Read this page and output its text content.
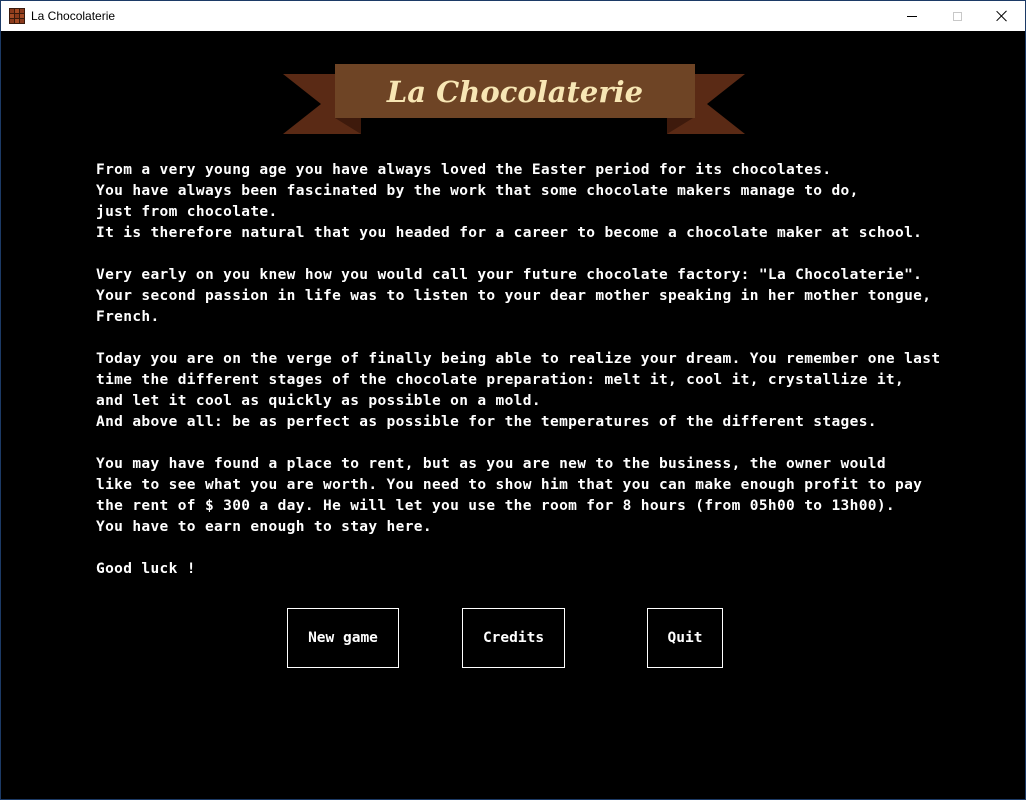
La Chocolaterie
La Chocolaterie
From a very young age you have always loved the Easter period for its chocolates.
You have always been fascinated by the work that some chocolate makers manage to do,
just from chocolate.
It is therefore natural that you headed for a career to become a chocolate maker at school.
Very early on you knew how you would call your future chocolate factory: "La Chocolaterie".
Your second passion in life was to listen to your dear mother speaking in her mother tongue,
French.
Today you are on the verge of finally being able to realize your dream. You remember one last
time the different stages of the chocolate preparation: melt it, cool it, crystallize it,
and let it cool as quickly as possible on a mold.
And above all: be as perfect as possible for the temperatures of the different stages.
You may have found a place to rent, but as you are new to the business, the owner would
like to see what you are worth. You need to show him that you can make enough profit to pay
the rent of $ 300 a day. He will let you use the room for 8 hours (from 05h00 to 13h00).
You have to earn enough to stay here.
Good luck !
New game	Credits	Quit
